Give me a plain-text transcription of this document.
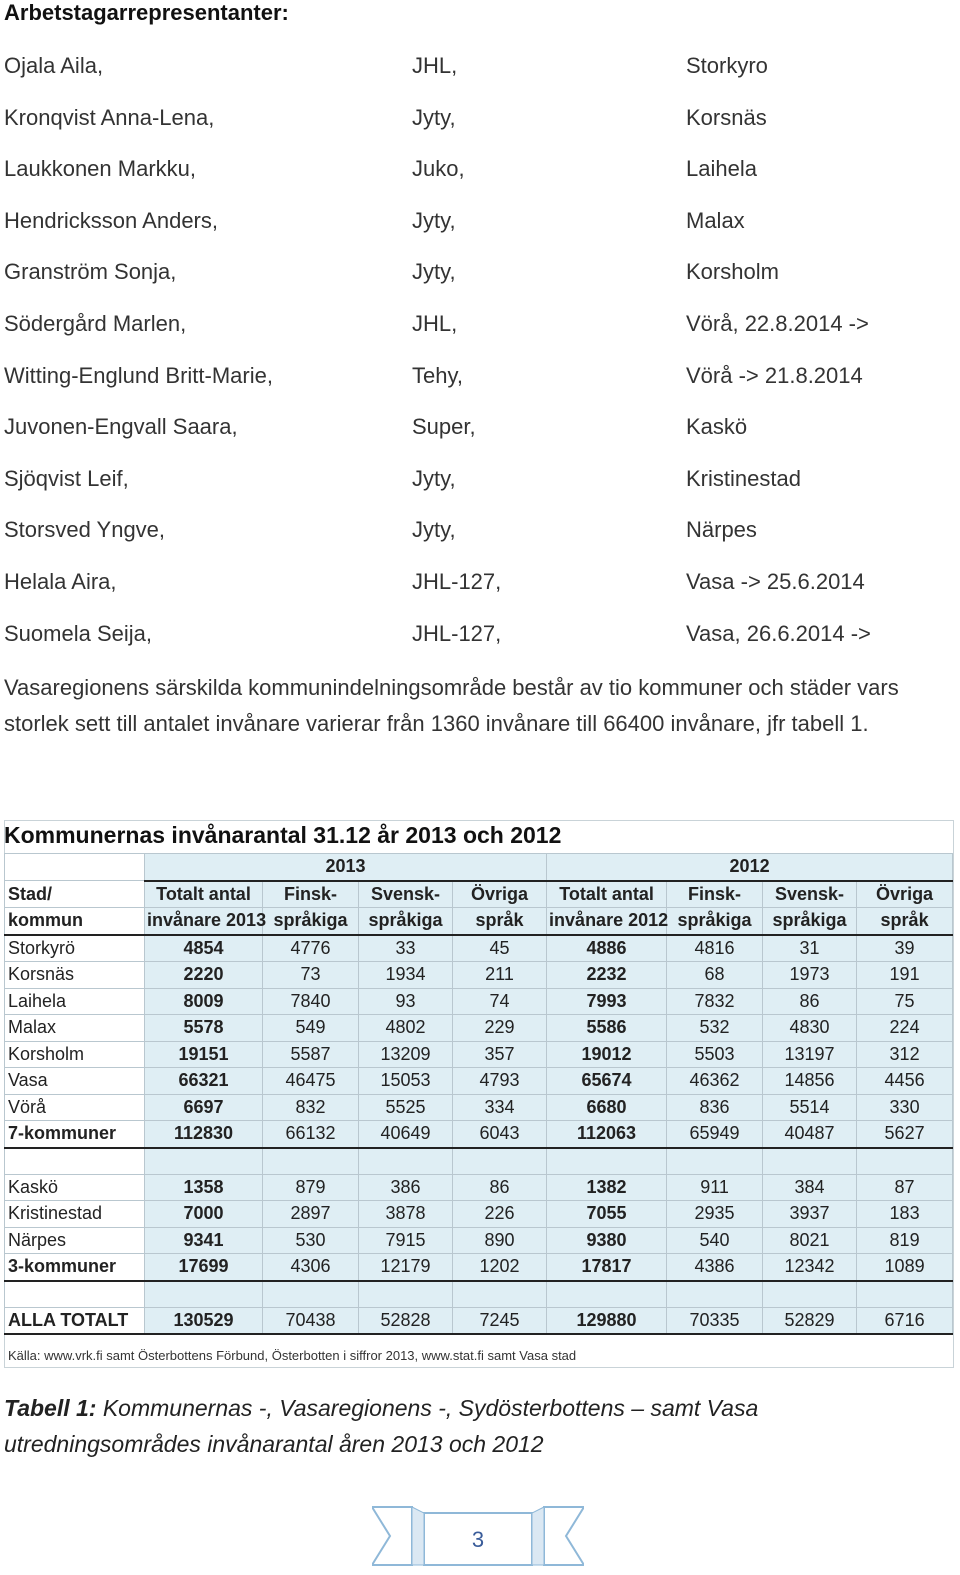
Arbetstagarrepresentanter:
Ojala Aila,	JHL,	Storkyro
Kronqvist Anna-Lena,	Jyty,	Korsnäs
Laukkonen Markku,	Juko,	Laihela
Hendricksson Anders,	Jyty,	Malax
Granström Sonja,	Jyty,	Korsholm
Södergård Marlen,	JHL,	Vörå, 22.8.2014 ->
Witting-Englund Britt-Marie,	Tehy,	Vörå -> 21.8.2014
Juvonen-Engvall Saara,	Super,	Kaskö
Sjöqvist Leif,	Jyty,	Kristinestad
Storsved Yngve,	Jyty,	Närpes
Helala Aira,	JHL-127,	Vasa -> 25.6.2014
Suomela Seija,	JHL-127,	Vasa, 26.6.2014 ->
Vasaregionens särskilda kommunindelningsområde består av tio kommuner och städer vars storlek sett till antalet invånare varierar från 1360 invånare till 66400 invånare, jfr tabell 1.
Kommunernas invånarantal 31.12 år 2013 och 2012
	2013				2012			
Stad/	Totalt antal	Finsk-	Svensk-	Övriga	Totalt antal	Finsk-	Svensk-	Övriga
kommun	invånare 2013	språkiga	språkiga	språk	invånare 2012	språkiga	språkiga	språk
Storkyrö	4854	4776	33	45	4886	4816	31	39
Korsnäs	2220	73	1934	211	2232	68	1973	191
Laihela	8009	7840	93	74	7993	7832	86	75
Malax	5578	549	4802	229	5586	532	4830	224
Korsholm	19151	5587	13209	357	19012	5503	13197	312
Vasa	66321	46475	15053	4793	65674	46362	14856	4456
Vörå	6697	832	5525	334	6680	836	5514	330
7-kommuner	112830	66132	40649	6043	112063	65949	40487	5627

Kaskö	1358	879	386	86	1382	911	384	87
Kristinestad	7000	2897	3878	226	7055	2935	3937	183
Närpes	9341	530	7915	890	9380	540	8021	819
3-kommuner	17699	4306	12179	1202	17817	4386	12342	1089

ALLA TOTALT	130529	70438	52828	7245	129880	70335	52829	6716
Källa: www.vrk.fi samt Österbottens Förbund, Österbotten i siffror 2013, www.stat.fi samt Vasa stad
Tabell 1: Kommunernas -, Vasaregionens -, Sydösterbottens – samt Vasa utredningsområdes invånarantal åren 2013 och 2012
3
